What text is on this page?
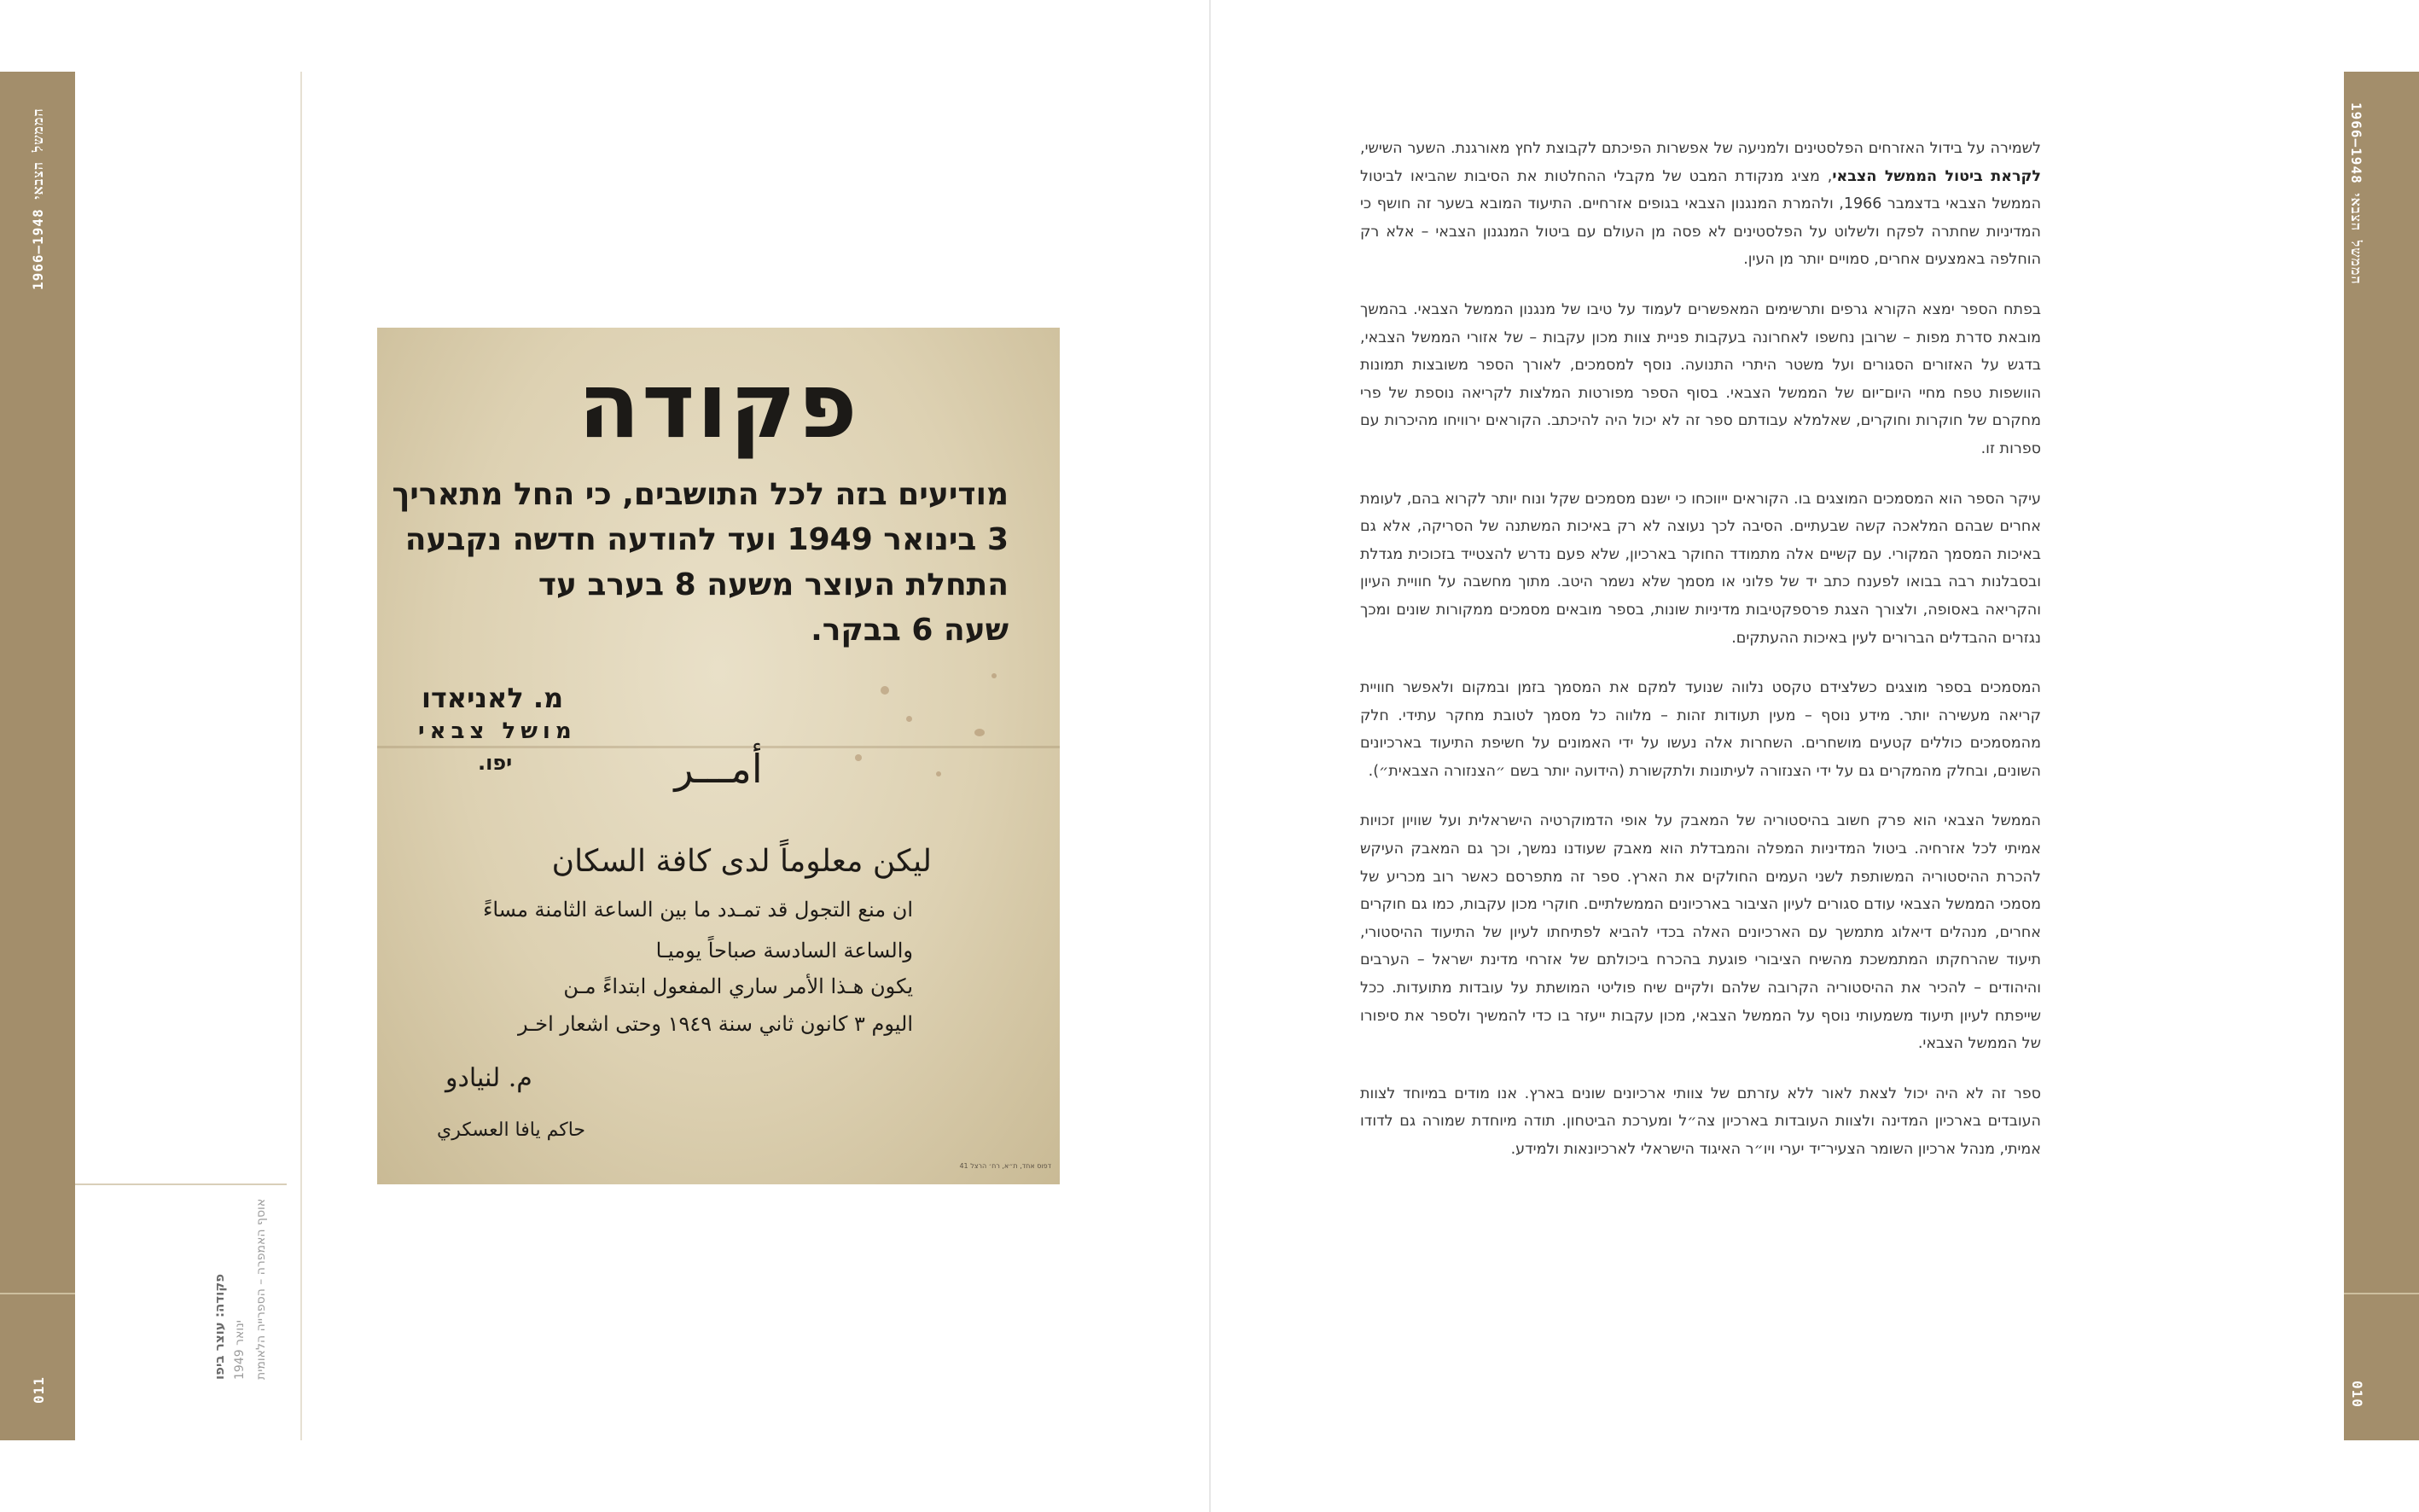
הממשל הצבאי 1948–1966
011
פקודה: עוצר ביפו ינואר 1949 אוסף האמפרה – הספרייה הלאומית
פקודה
מודיעים בזה לכל התושבים, כי החל מתאריך
3 בינואר 1949 ועד להודעה חדשה נקבעה
התחלת העוצר משעה 8 בערב עד
שעה 6 בבקר.
מ. לאניאדו
מושל צבאי
יפו.	أمـــر
ليكن معلوماً لدى كافة السكان
ان منع التجول قد تمـدد ما بين الساعة الثامنة مساءً
والساعة السادسة صباحاً يوميـا
يكون هـذا الأمر ساري المفعول ابتداءً مـن
اليوم ٣ كانون ثاني سنة ١٩٤٩ وحتى اشعار اخـر
م. لنيادو
حاكم يافا العسكري
דפוס אחד, ת״א, רח׳ הרצל 41
הממשל הצבאי 1948–1966
010

לשמירה על בידול האזרחים הפלסטינים ולמניעה של אפשרות הפיכתם לקבוצת לחץ מאורגנת. השער השישי, לקראת ביטול הממשל הצבאי, מציג מנקודת המבט של מקבלי ההחלטות את הסיבות שהביאו לביטול הממשל הצבאי בדצמבר 1966, ולהמרת המנגנון הצבאי בגופים אזרחיים. התיעוד המובא בשער זה חושף כי המדיניות שחתרה לפקח ולשלוט על הפלסטינים לא פסה מן העולם עם ביטול המנגנון הצבאי – אלא רק הוחלפה באמצעים אחרים, סמויים יותר מן העין.

בפתח הספר ימצא הקורא גרפים ותרשימים המאפשרים לעמוד על טיבו של מנגנון הממשל הצבאי. בהמשך מובאת סדרת מפות – שרובן נחשפו לאחרונה בעקבות פניית צוות מכון עקבות – של אזורי הממשל הצבאי, בדגש על האזורים הסגורים ועל משטר היתרי התנועה. נוסף למסמכים, לאורך הספר משובצות תמונות הוושפות טפח מחיי היום־יום של הממשל הצבאי. בסוף הספר מפורטות המלצות לקריאה נוספת של פרי מחקרם של חוקרות וחוקרים, שאלמלא עבודתם ספר זה לא יכול היה להיכתב. הקוראים ירוויחו מהיכרות עם ספרות זו.

עיקר הספר הוא המסמכים המוצגים בו. הקוראים ייווכחו כי ישנם מסמכים שקל ונוח יותר לקרוא בהם, לעומת אחרים שבהם המלאכה קשה שבעתיים. הסיבה לכך נעוצה לא רק באיכות המשתנה של הסריקה, אלא גם באיכות המסמך המקורי. עם קשיים אלה מתמודד החוקר בארכיון, שלא פעם נדרש להצטייד בזכוכית מגדלת ובסבלנות רבה בבואו לפענח כתב יד של פלוני או מסמך שלא נשמר היטב. מתוך מחשבה על חוויית העיון והקריאה באסופה, ולצורך הצגת פרספקטיבות מדיניות שונות, בספר מובאים מסמכים ממקורות שונים ומכך נגזרים ההבדלים הברורים לעין באיכות ההעתקים.

המסמכים בספר מוצגים כשלצידם טקסט נלווה שנועד למקם את המסמך בזמן ובמקום ולאפשר חוויית קריאה מעשירה יותר. מידע נוסף – מעין תעודות זהות – מלווה כל מסמך לטובת מחקר עתידי. חלק מהמסמכים כוללים קטעים מושחרים. השחרות אלה נעשו על ידי האמונים על חשיפת התיעוד בארכיונים השונים, ובחלק מהמקרים גם על ידי הצנזורה לעיתונות ולתקשורת (הידועה יותר בשם ״הצנזורה הצבאית״).

הממשל הצבאי הוא פרק חשוב בהיסטוריה של המאבק על אופי הדמוקרטיה הישראלית ועל שוויון זכויות אמיתי לכל אזרחיה. ביטול המדיניות המפלה והמבדלת הוא מאבק שעודנו נמשך, וכך גם המאבק העיקש להכרת ההיסטוריה המשותפת לשני העמים החולקים את הארץ. ספר זה מתפרסם כאשר רוב מכריע של מסמכי הממשל הצבאי עודם סגורים לעיון הציבור בארכיונים הממשלתיים. חוקרי מכון עקבות, כמו גם חוקרים אחרים, מנהלים דיאלוג מתמשך עם הארכיונים האלה בכדי להביא לפתיחתו לעיון של התיעוד ההיסטורי, תיעוד שהרחקתו המתמשכת מהשיח הציבורי פוגעת בהכרח ביכולתם של אזרחי מדינת ישראל – הערבים והיהודים – להכיר את ההיסטוריה הקרובה שלהם ולקיים שיח פוליטי המושתת על עובדות מתועדות. ככל שייפתח לעיון תיעוד משמעותי נוסף על הממשל הצבאי, מכון עקבות ייעזר בו כדי להמשיך ולספר את סיפורו של הממשל הצבאי.

ספר זה לא היה יכול לצאת לאור ללא עזרתם של צוותי ארכיונים שונים בארץ. אנו מודים במיוחד לצוות העובדים בארכיון המדינה ולצוות העובדות בארכיון צה״ל ומערכת הביטחון. תודה מיוחדת שמורה גם לדודו אמיתי, מנהל ארכיון השומר הצעיר־יד יערי ויו״ר האיגוד הישראלי לארכיונאות ולמידע.
